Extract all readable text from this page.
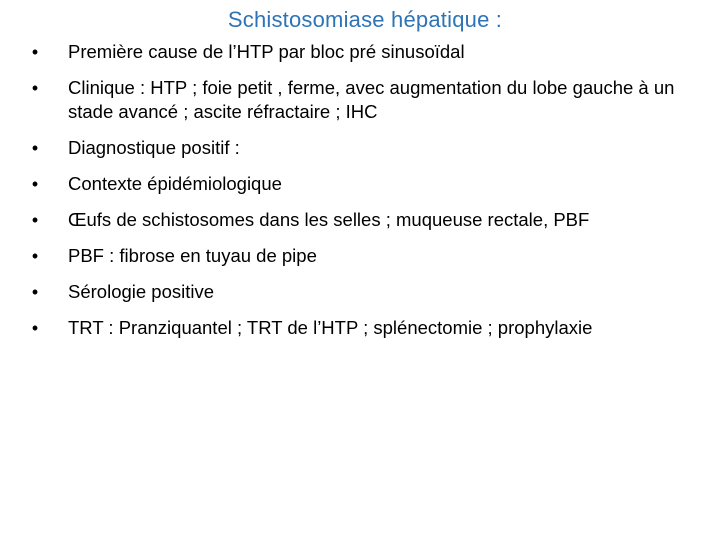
Schistosomiase hépatique :
• Première cause de l’HTP par bloc pré sinusoïdal
• Clinique : HTP ; foie petit , ferme, avec augmentation du lobe gauche à un stade avancé ; ascite réfractaire ; IHC
• Diagnostique positif :
• Contexte épidémiologique
• Œufs de schistosomes dans les selles ; muqueuse rectale, PBF
• PBF : fibrose en tuyau de pipe
• Sérologie positive
• TRT : Pranziquantel ; TRT de l’HTP ; splénectomie ; prophylaxie
